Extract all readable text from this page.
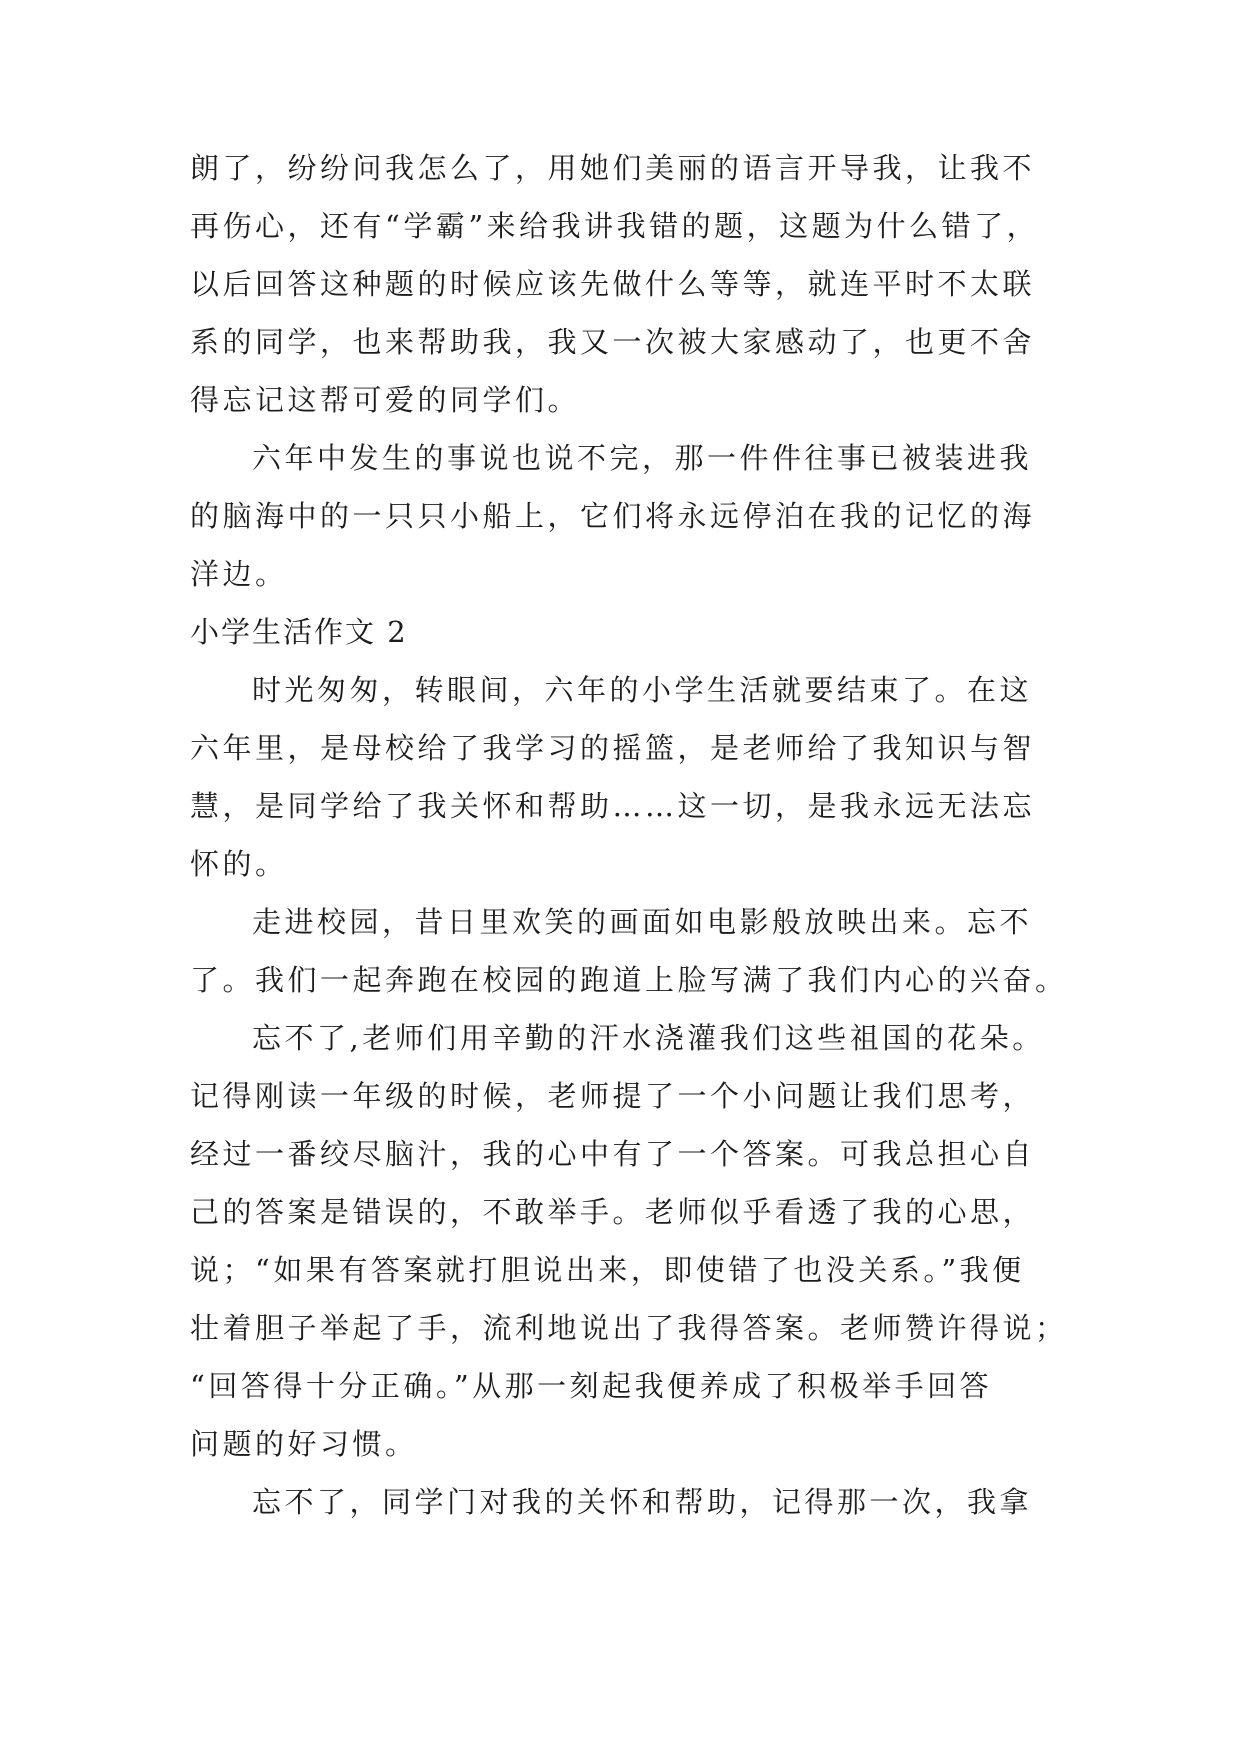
朗了，纷纷问我怎么了，用她们美丽的语言开导我，让我不

再伤心，还有“学霸”来给我讲我错的题，这题为什么错了，

以后回答这种题的时候应该先做什么等等，就连平时不太联

系的同学，也来帮助我，我又一次被大家感动了，也更不舍

得忘记这帮可爱的同学们。

六年中发生的事说也说不完，那一件件往事已被装进我

的脑海中的一只只小船上，它们将永远停泊在我的记忆的海

洋边。

小学生活作文 2

时光匆匆，转眼间，六年的小学生活就要结束了。在这

六年里，是母校给了我学习的摇篮，是老师给了我知识与智

慧，是同学给了我关怀和帮助……这一切，是我永远无法忘

怀的。

走进校园，昔日里欢笑的画面如电影般放映出来。忘不

了。我们一起奔跑在校园的跑道上脸写满了我们内心的兴奋。

忘不了,老师们用辛勤的汗水浇灌我们这些祖国的花朵。

记得刚读一年级的时候，老师提了一个小问题让我们思考，

经过一番绞尽脑汁，我的心中有了一个答案。可我总担心自

己的答案是错误的，不敢举手。老师似乎看透了我的心思，

说；“如果有答案就打胆说出来，即使错了也没关系。”我便

壮着胆子举起了手，流利地说出了我得答案。老师赞许得说；

“回答得十分正确。”从那一刻起我便养成了积极举手回答

问题的好习惯。

忘不了，同学门对我的关怀和帮助，记得那一次，我拿
